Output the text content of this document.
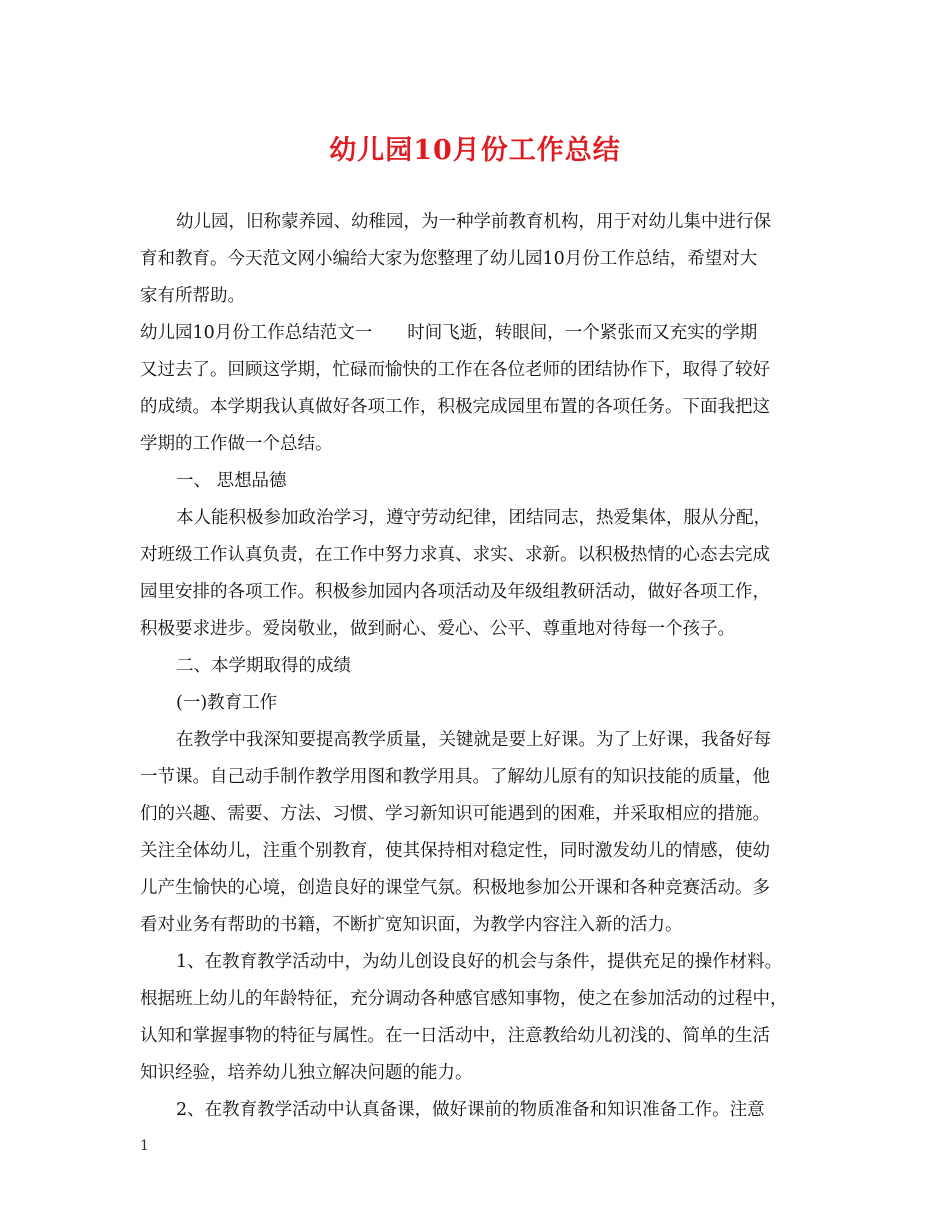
幼儿园10月份工作总结
幼儿园，旧称蒙养园、幼稚园，为一种学前教育机构，用于对幼儿集中进行保
育和教育。今天范文网小编给大家为您整理了幼儿园10月份工作总结，希望对大
家有所帮助。
幼儿园10月份工作总结范文一　　时间飞逝，转眼间，一个紧张而又充实的学期
又过去了。回顾这学期，忙碌而愉快的工作在各位老师的团结协作下，取得了较好
的成绩。本学期我认真做好各项工作，积极完成园里布置的各项任务。下面我把这
学期的工作做一个总结。
一、 思想品德
本人能积极参加政治学习，遵守劳动纪律，团结同志，热爱集体，服从分配，
对班级工作认真负责，在工作中努力求真、求实、求新。以积极热情的心态去完成
园里安排的各项工作。积极参加园内各项活动及年级组教研活动，做好各项工作，
积极要求进步。爱岗敬业，做到耐心、爱心、公平、尊重地对待每一个孩子。
二、本学期取得的成绩
(一)教育工作
在教学中我深知要提高教学质量，关键就是要上好课。为了上好课，我备好每
一节课。自己动手制作教学用图和教学用具。了解幼儿原有的知识技能的质量，他
们的兴趣、需要、方法、习惯、学习新知识可能遇到的困难，并采取相应的措施。
关注全体幼儿，注重个别教育，使其保持相对稳定性，同时激发幼儿的情感，使幼
儿产生愉快的心境，创造良好的课堂气氛。积极地参加公开课和各种竞赛活动。多
看对业务有帮助的书籍，不断扩宽知识面，为教学内容注入新的活力。
1、在教育教学活动中，为幼儿创设良好的机会与条件，提供充足的操作材料。
根据班上幼儿的年龄特征，充分调动各种感官感知事物，使之在参加活动的过程中，
认知和掌握事物的特征与属性。在一日活动中，注意教给幼儿初浅的、简单的生活
知识经验，培养幼儿独立解决问题的能力。
2、在教育教学活动中认真备课，做好课前的物质准备和知识准备工作。注意
1
